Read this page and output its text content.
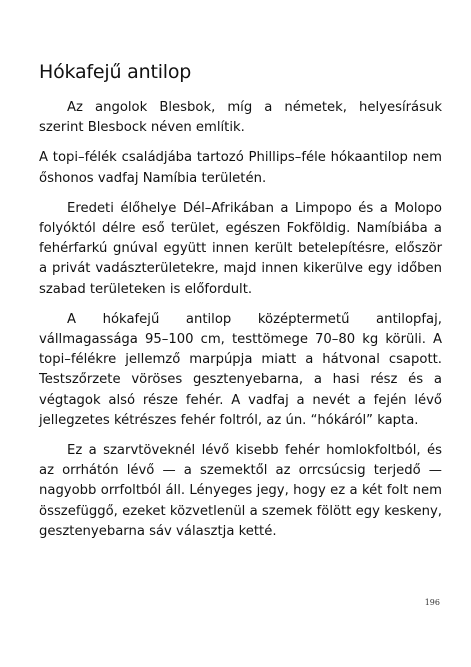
Hókafejű antilop

Az angolok Blesbok, míg a németek, helyesírásuk szerint Blesbock néven említik.

A topi–félék családjába tartozó Phillips–féle hókaantilop nem őshonos vadfaj Namíbia területén.

Eredeti élőhelye Dél–Afrikában a Limpopo és a Molopo folyóktól délre eső terület, egészen Fokföldig. Namíbiába a fehérfarkú gnúval együtt innen került betelepítésre, először a privát vadászterületekre, majd innen kikerülve egy időben szabad területeken is előfordult.

A hókafejű antilop középtermetű antilopfaj, vállmagassága 95–100 cm, testtömege 70–80 kg körüli. A topi–félékre jellemző marpúpja miatt a hátvonal csapott. Testszőrzete vöröses gesztenyebarna, a hasi rész és a végtagok alsó része fehér. A vadfaj a nevét a fején lévő jellegzetes kétrészes fehér foltról, az ún. “hókáról” kapta.

Ez a szarvtöveknél lévő kisebb fehér homlokfoltból, és az orrhátón lévő — a szemektől az orrcsúcsig terjedő — nagyobb orrfoltból áll. Lényeges jegy, hogy ez a két folt nem összefüggő, ezeket közvetlenül a szemek fölött egy keskeny, gesztenyebarna sáv választja ketté.

196
